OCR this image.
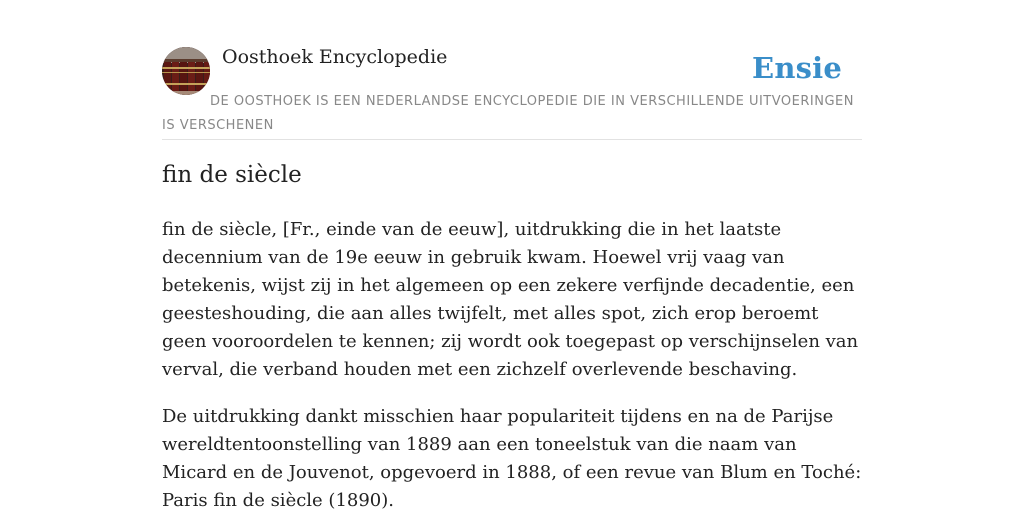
Oosthoek Encyclopedie	Ensie
DE OOSTHOEK IS EEN NEDERLANDSE ENCYCLOPEDIE DIE IN VERSCHILLENDE UITVOERINGEN IS VERSCHENEN
fin de siècle

fin de siècle, [Fr., einde van de eeuw], uitdrukking die in het laatste decennium van de 19e eeuw in gebruik kwam. Hoewel vrij vaag van betekenis, wijst zij in het algemeen op een zekere verfijnde decadentie, een geesteshouding, die aan alles twijfelt, met alles spot, zich erop beroemt geen vooroordelen te kennen; zij wordt ook toegepast op verschijnselen van verval, die verband houden met een zichzelf overlevende beschaving.

De uitdrukking dankt misschien haar populariteit tijdens en na de Parijse wereldtentoonstelling van 1889 aan een toneelstuk van die naam van Micard en de Jouvenot, opgevoerd in 1888, of een revue van Blum en Toché: Paris fin de siècle (1890).
